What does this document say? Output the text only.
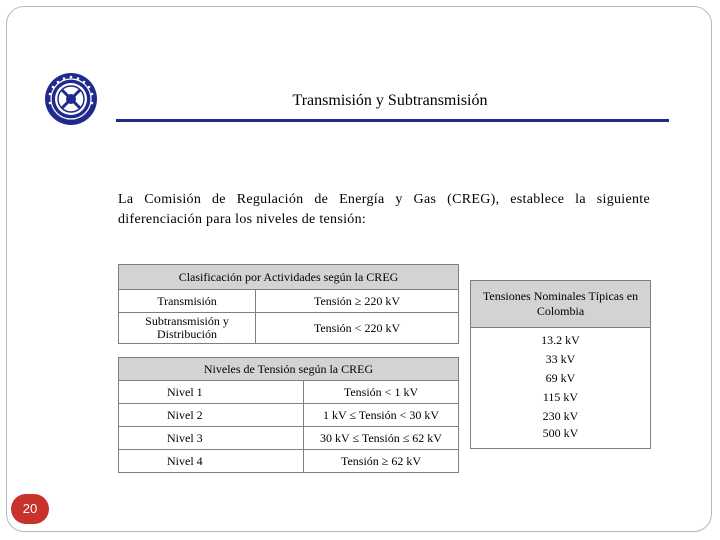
Transmisión y Subtransmisión
La Comisión de Regulación de Energía y Gas (CREG), establece la siguiente diferenciación para los niveles de tensión:
Clasificación por Actividades según la CREG	
Transmisión	Tensión ≥ 220 kV
Subtransmisión y Distribución	Tensión < 220 kV
Niveles de Tensión según la CREG	
Nivel 1	Tensión < 1 kV
Nivel 2	1 kV ≤ Tensión < 30 kV
Nivel 3	30 kV ≤ Tensión ≤ 62 kV
Nivel 4	Tensión ≥ 62 kV
Tensiones Nominales Típicas en Colombia
13.2 kV
33 kV
69 kV
115 kV
230 kV
500 kV
20
